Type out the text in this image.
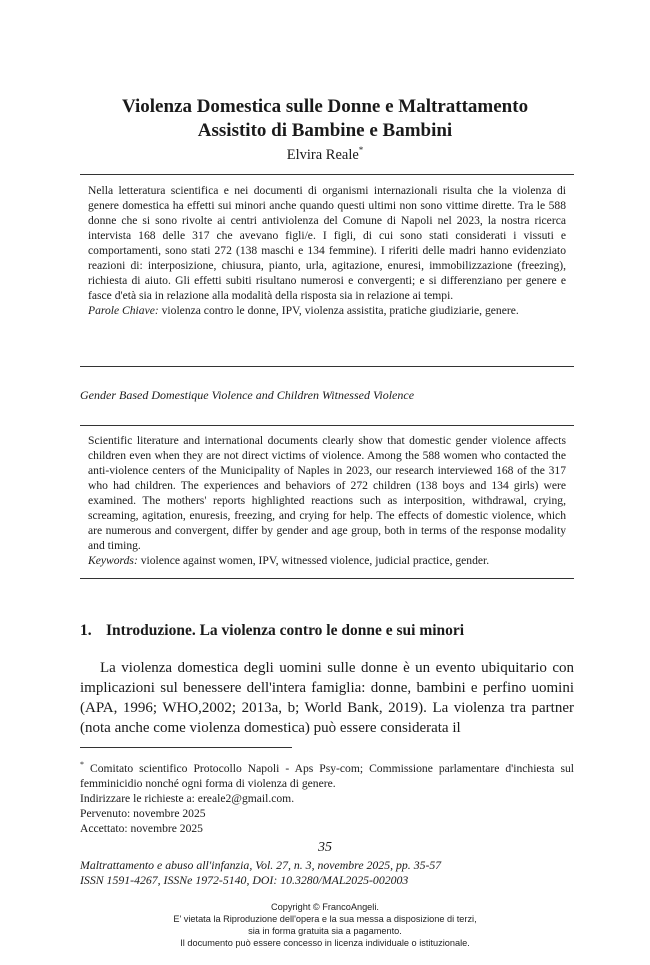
Violenza Domestica sulle Donne e Maltrattamento
Assistito di Bambine e Bambini
Elvira Reale*
Nella letteratura scientifica e nei documenti di organismi internazionali risulta che la violenza di genere domestica ha effetti sui minori anche quando questi ultimi non sono vittime dirette. Tra le 588 donne che si sono rivolte ai centri antiviolenza del Comune di Napoli nel 2023, la nostra ricerca intervista 168 delle 317 che avevano figli/e. I figli, di cui sono stati considerati i vissuti e comportamenti, sono stati 272 (138 maschi e 134 femmine). I riferiti delle madri hanno evidenziato reazioni di: interposizione, chiusura, pianto, urla, agitazione, enuresi, immobilizzazione (freezing), richiesta di aiuto. Gli effetti subiti risultano numerosi e convergenti; e si differenziano per genere e fasce d'età sia in relazione alla modalità della risposta sia in relazione ai tempi.
Parole Chiave: violenza contro le donne, IPV, violenza assistita, pratiche giudiziarie, genere.
Gender Based Domestique Violence and Children Witnessed Violence
Scientific literature and international documents clearly show that domestic gender violence affects children even when they are not direct victims of violence. Among the 588 women who contacted the anti-violence centers of the Municipality of Naples in 2023, our research interviewed 168 of the 317 who had children. The experiences and behaviors of 272 children (138 boys and 134 girls) were examined. The mothers' reports highlighted reactions such as interposition, withdrawal, crying, screaming, agitation, enuresis, freezing, and crying for help. The effects of domestic violence, which are numerous and convergent, differ by gender and age group, both in terms of the response modality and timing.
Keywords: violence against women, IPV, witnessed violence, judicial practice, gender.
1. Introduzione. La violenza contro le donne e sui minori

La violenza domestica degli uomini sulle donne è un evento ubiquitario con implicazioni sul benessere dell'intera famiglia: donne, bambini e perfino uomini (APA, 1996; WHO,2002; 2013a, b; World Bank, 2019). La violenza tra partner (nota anche come violenza domestica) può essere considerata il

* Comitato scientifico Protocollo Napoli - Aps Psy-com; Commissione parlamentare d'inchiesta sul femminicidio nonché ogni forma di violenza di genere.
Indirizzare le richieste a: ereale2@gmail.com.
Pervenuto: novembre 2025
Accettato: novembre 2025
35
Maltrattamento e abuso all'infanzia, Vol. 27, n. 3, novembre 2025, pp. 35-57
ISSN 1591-4267, ISSNe 1972-5140, DOI: 10.3280/MAL2025-002003
Copyright © FrancoAngeli.
E' vietata la Riproduzione dell'opera e la sua messa a disposizione di terzi,
sia in forma gratuita sia a pagamento.
Il documento può essere concesso in licenza individuale o istituzionale.
